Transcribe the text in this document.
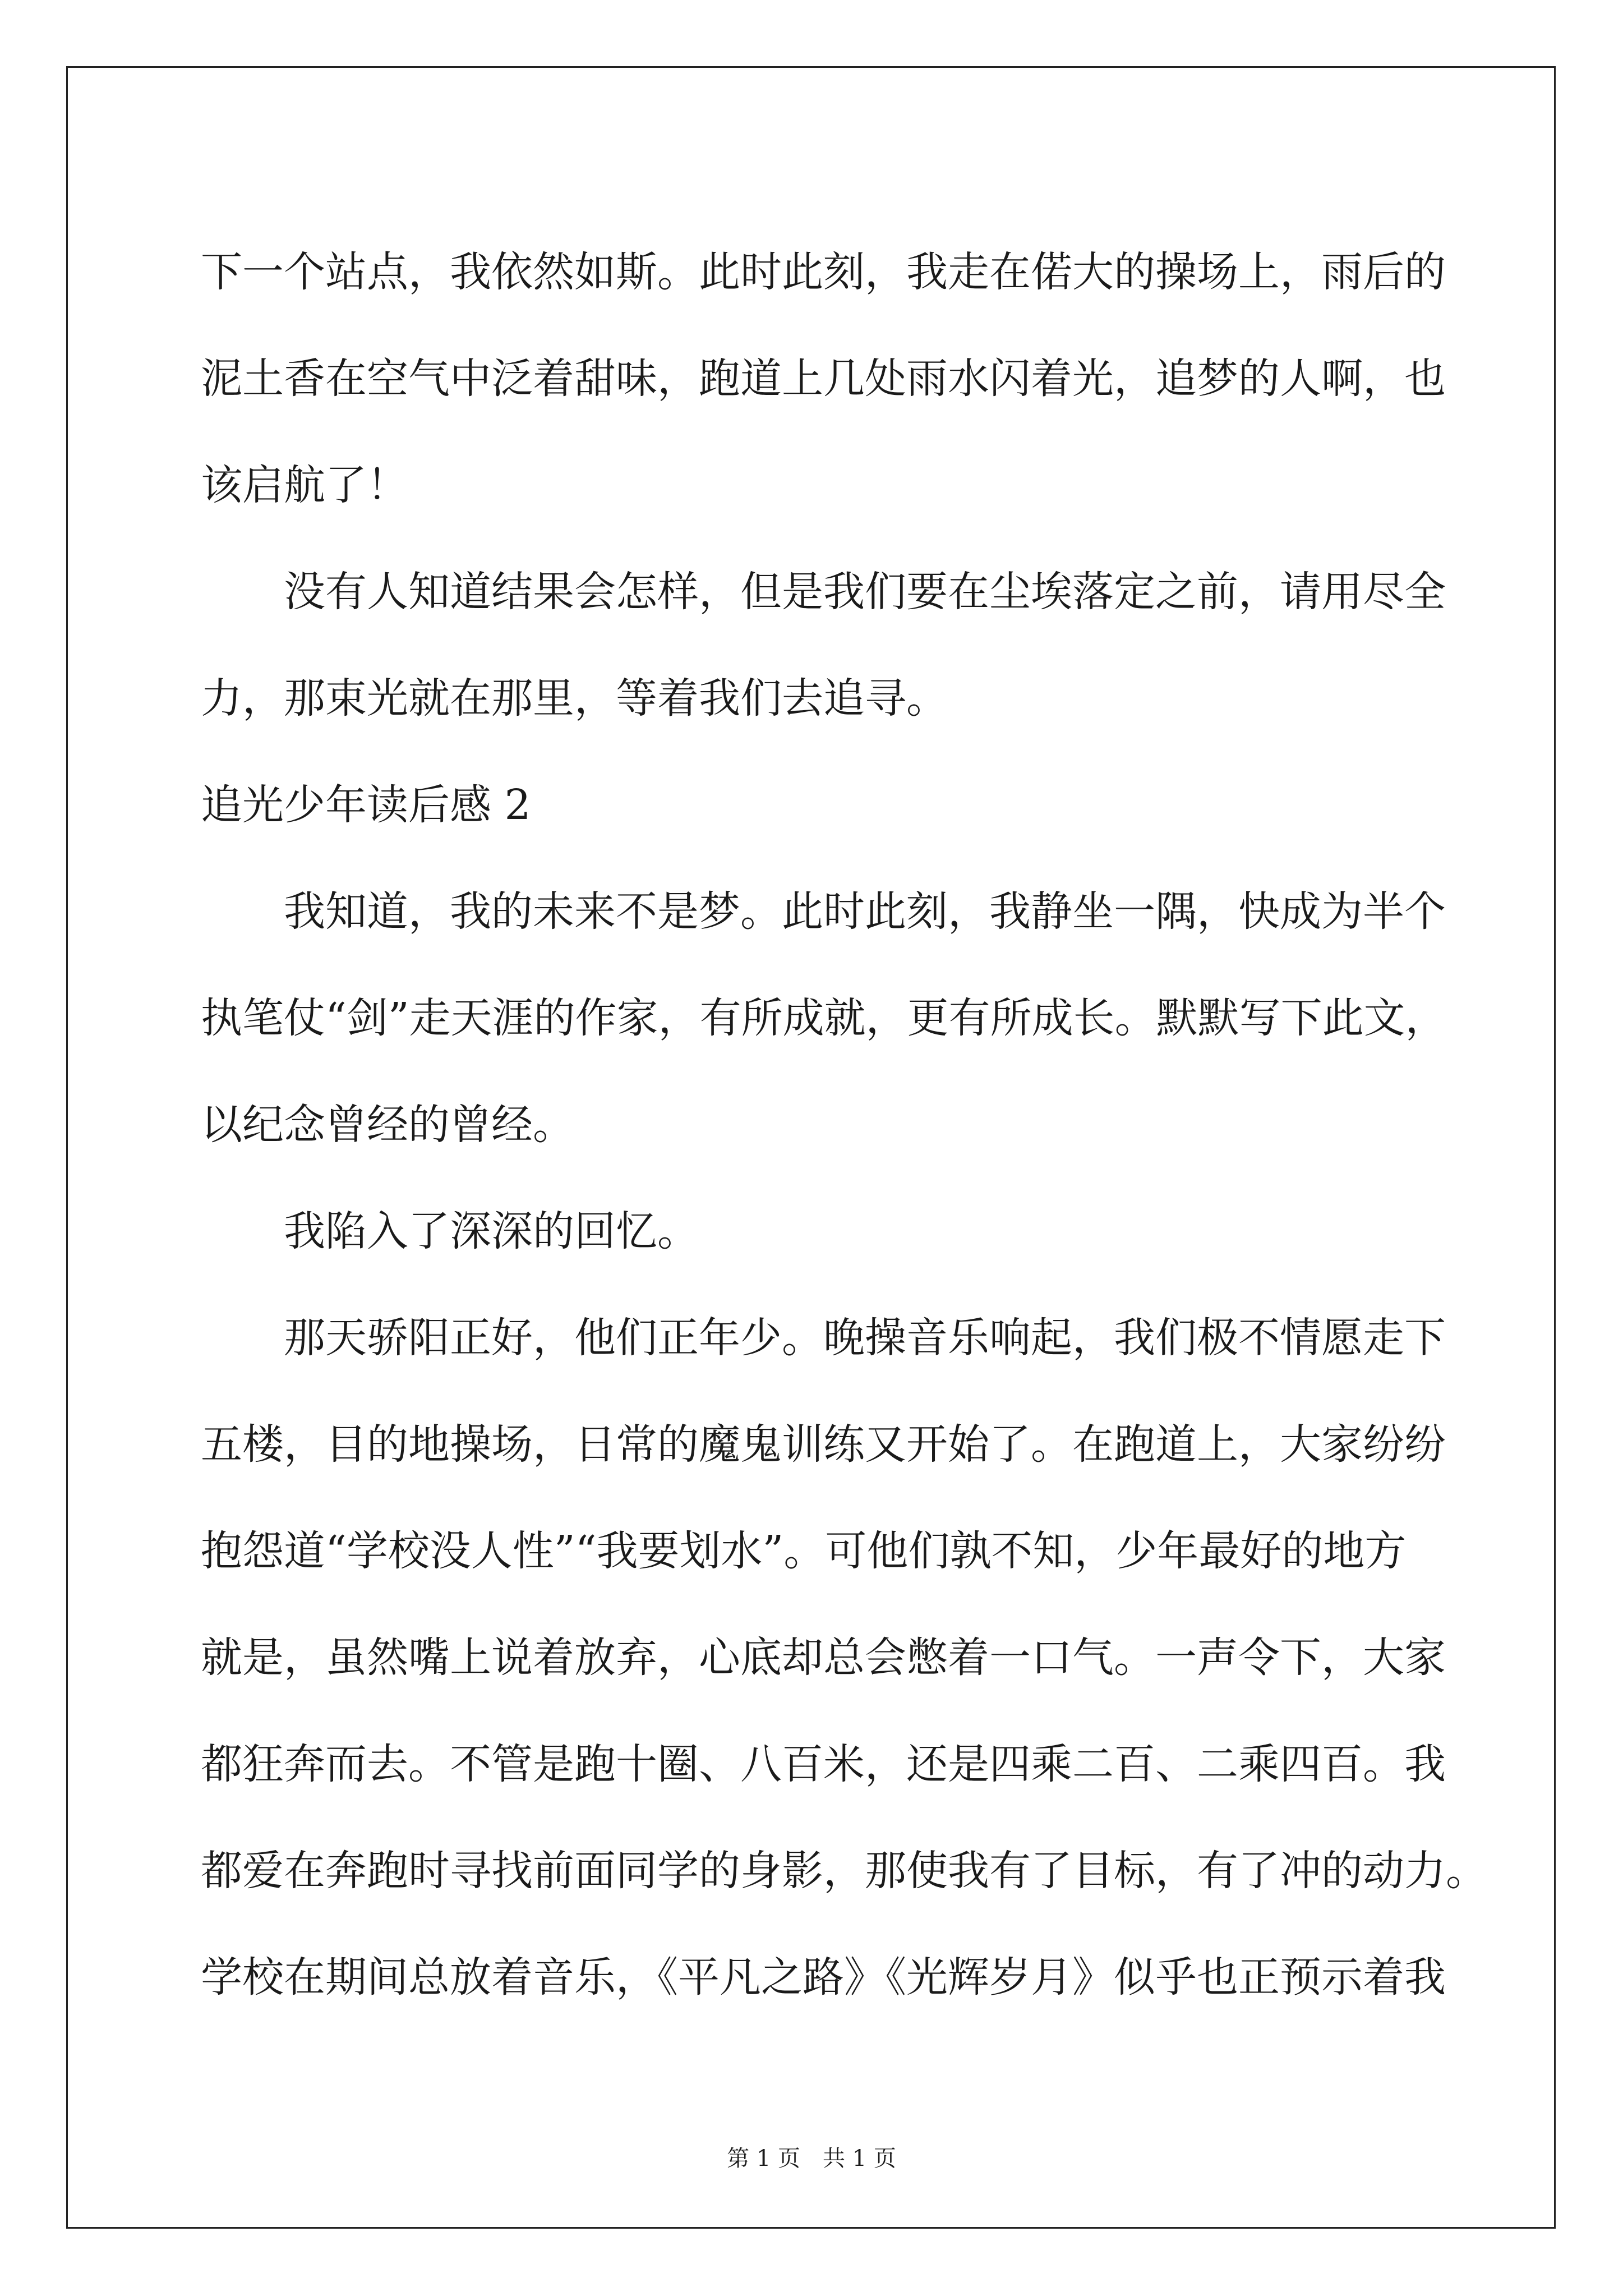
下一个站点，我依然如斯。此时此刻，我走在偌大的操场上，雨后的
泥土香在空气中泛着甜味，跑道上几处雨水闪着光，追梦的人啊，也
该启航了！
没有人知道结果会怎样，但是我们要在尘埃落定之前，请用尽全
力，那束光就在那里，等着我们去追寻。
追光少年读后感 2
我知道，我的未来不是梦。此时此刻，我静坐一隅，快成为半个
执笔仗“剑”走天涯的作家，有所成就，更有所成长。默默写下此文，
以纪念曾经的曾经。
我陷入了深深的回忆。
那天骄阳正好，他们正年少。晚操音乐响起，我们极不情愿走下
五楼，目的地操场，日常的魔鬼训练又开始了。在跑道上，大家纷纷
抱怨道“学校没人性”“我要划水”。可他们孰不知，少年最好的地方
就是，虽然嘴上说着放弃，心底却总会憋着一口气。一声令下，大家
都狂奔而去。不管是跑十圈、八百米，还是四乘二百、二乘四百。我
都爱在奔跑时寻找前面同学的身影，那使我有了目标，有了冲的动力。
学校在期间总放着音乐，《平凡之路》《光辉岁月》似乎也正预示着我
第 1 页　共 1 页
